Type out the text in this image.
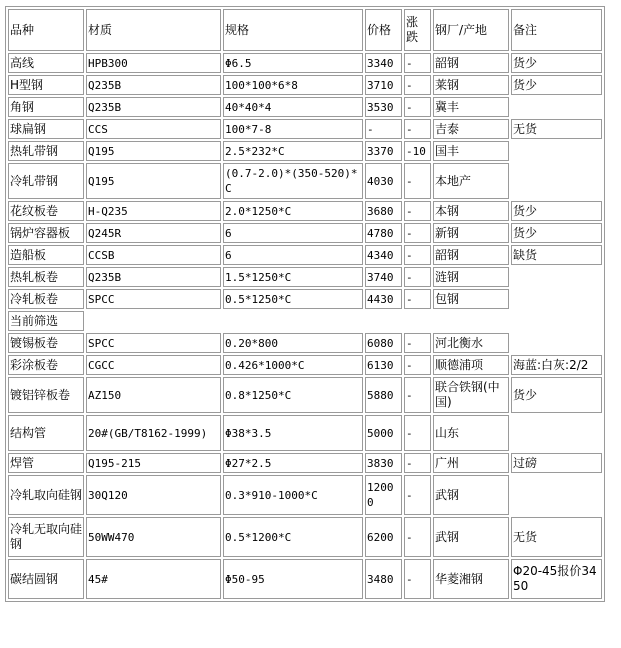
品种	材质	规格	价格	涨跌	钢厂/产地	备注
高线	HPB300	Φ6.5	3340	-	韶钢	货少
H型钢	Q235B	100*100*6*8	3710	-	莱钢	货少
角钢	Q235B	40*40*4	3530	-	冀丰	
球扁钢	CCS	100*7-8	-	-	吉泰	无货
热轧带钢	Q195	2.5*232*C	3370	-10	国丰	
冷轧带钢	Q195	(0.7-2.0)*(350-520)*C	4030	-	本地产	
花纹板卷	H-Q235	2.0*1250*C	3680	-	本钢	货少
锅炉容器板	Q245R	6	4780	-	新钢	货少
造船板	CCSB	6	4340	-	韶钢	缺货
热轧板卷	Q235B	1.5*1250*C	3740	-	涟钢	
冷轧板卷	SPCC	0.5*1250*C	4430	-	包钢	
当前筛选						
镀锡板卷	SPCC	0.20*800	6080	-	河北衡水	
彩涂板卷	CGCC	0.426*1000*C	6130	-	顺德浦项	海蓝:白灰:2/2
镀铝锌板卷	AZ150	0.8*1250*C	5880	-	联合铁钢(中国)	货少
结构管	20#(GB/T8162-1999)	Φ38*3.5	5000	-	山东	
焊管	Q195-215	Φ27*2.5	3830	-	广州	过磅
冷轧取向硅钢	30Q120	0.3*910-1000*C	12000	-	武钢	
冷轧无取向硅钢	50WW470	0.5*1200*C	6200	-	武钢	无货
碳结圆钢	45#	Φ50-95	3480	-	华菱湘钢	Φ20-45报价3450
